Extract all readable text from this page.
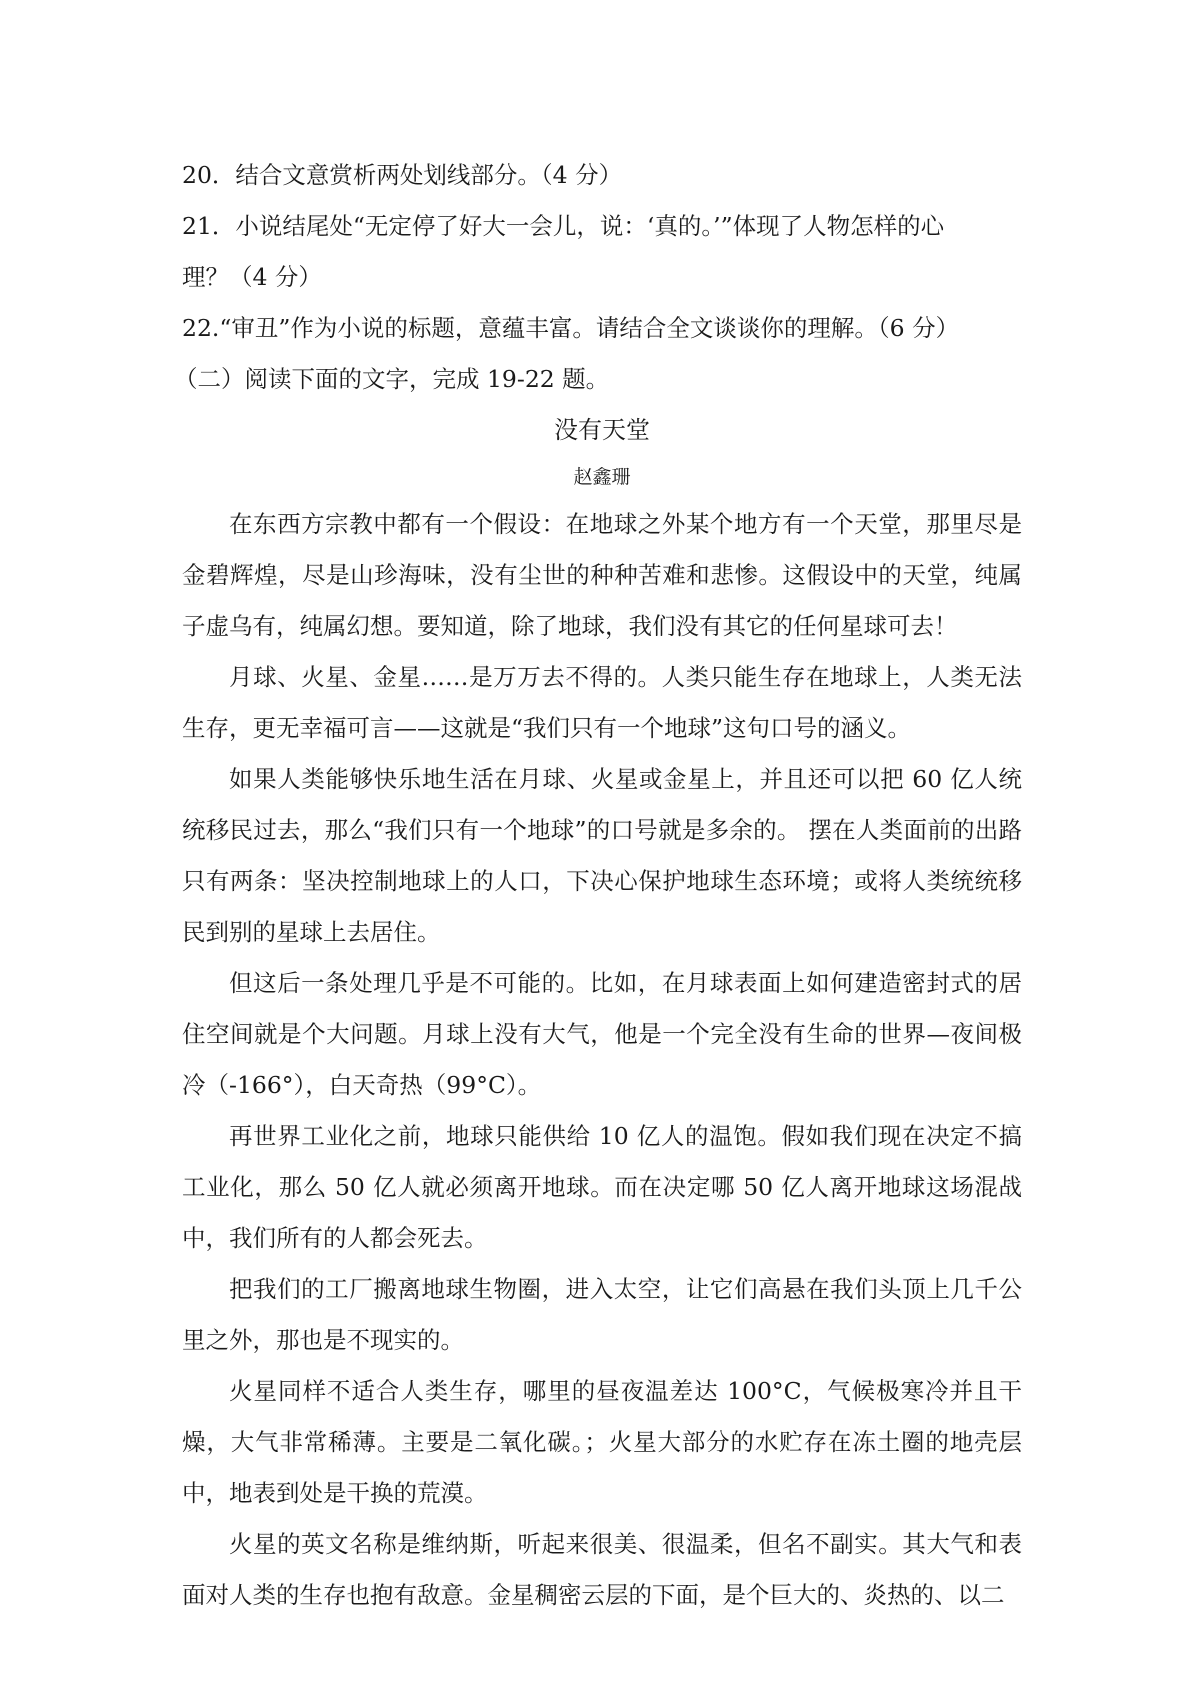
20．结合文意赏析两处划线部分。（4 分）

21．小说结尾处“无定停了好大一会儿，说：‘真的。’”体现了人物怎样的心

理？（4 分）

22.“审丑”作为小说的标题，意蕴丰富。请结合全文谈谈你的理解。（6 分）

（二）阅读下面的文字，完成 19-22 题。

没有天堂

赵鑫珊

在东西方宗教中都有一个假设：在地球之外某个地方有一个天堂，那里尽是金碧辉煌，尽是山珍海味，没有尘世的种种苦难和悲惨。这假设中的天堂，纯属子虚乌有，纯属幻想。要知道，除了地球，我们没有其它的任何星球可去！

月球、火星、金星……是万万去不得的。人类只能生存在地球上，人类无法生存，更无幸福可言——这就是“我们只有一个地球”这句口号的涵义。

如果人类能够快乐地生活在月球、火星或金星上，并且还可以把 60 亿人统统移民过去，那么“我们只有一个地球”的口号就是多余的。 摆在人类面前的出路只有两条：坚决控制地球上的人口，下决心保护地球生态环境；或将人类统统移民到别的星球上去居住。

但这后一条处理几乎是不可能的。比如，在月球表面上如何建造密封式的居住空间就是个大问题。月球上没有大气，他是一个完全没有生命的世界—夜间极冷（-166°），白天奇热（99°C）。

再世界工业化之前，地球只能供给 10 亿人的温饱。假如我们现在决定不搞工业化，那么 50 亿人就必须离开地球。而在决定哪 50 亿人离开地球这场混战中，我们所有的人都会死去。

把我们的工厂搬离地球生物圈，进入太空，让它们高悬在我们头顶上几千公里之外，那也是不现实的。

火星同样不适合人类生存，哪里的昼夜温差达 100°C，气候极寒冷并且干燥，大气非常稀薄。主要是二氧化碳。；火星大部分的水贮存在冻土圈的地壳层中，地表到处是干换的荒漠。

火星的英文名称是维纳斯，听起来很美、很温柔，但名不副实。其大气和表面对人类的生存也抱有敌意。金星稠密云层的下面，是个巨大的、炎热的、以二
